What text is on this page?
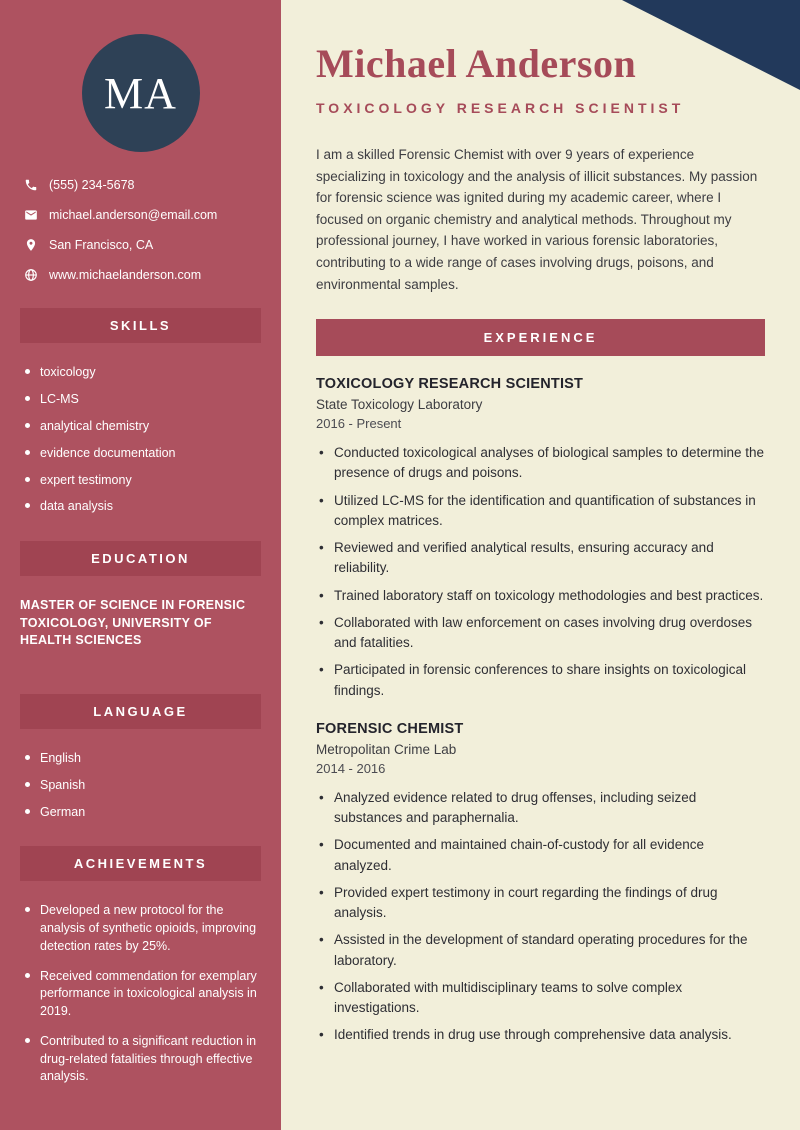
MA
(555) 234-5678
michael.anderson@email.com
San Francisco, CA
www.michaelanderson.com
SKILLS
toxicology
LC-MS
analytical chemistry
evidence documentation
expert testimony
data analysis
EDUCATION
MASTER OF SCIENCE IN FORENSIC TOXICOLOGY, UNIVERSITY OF HEALTH SCIENCES
LANGUAGE
English
Spanish
German
ACHIEVEMENTS
Developed a new protocol for the analysis of synthetic opioids, improving detection rates by 25%.
Received commendation for exemplary performance in toxicological analysis in 2019.
Contributed to a significant reduction in drug-related fatalities through effective analysis.
Michael Anderson
TOXICOLOGY RESEARCH SCIENTIST

I am a skilled Forensic Chemist with over 9 years of experience specializing in toxicology and the analysis of illicit substances. My passion for forensic science was ignited during my academic career, where I focused on organic chemistry and analytical methods. Throughout my professional journey, I have worked in various forensic laboratories, contributing to a wide range of cases involving drugs, poisons, and environmental samples.

EXPERIENCE
TOXICOLOGY RESEARCH SCIENTIST
State Toxicology Laboratory
2016 - Present
• Conducted toxicological analyses of biological samples to determine the presence of drugs and poisons.
• Utilized LC-MS for the identification and quantification of substances in complex matrices.
• Reviewed and verified analytical results, ensuring accuracy and reliability.
• Trained laboratory staff on toxicology methodologies and best practices.
• Collaborated with law enforcement on cases involving drug overdoses and fatalities.
• Participated in forensic conferences to share insights on toxicological findings.
FORENSIC CHEMIST
Metropolitan Crime Lab
2014 - 2016
• Analyzed evidence related to drug offenses, including seized substances and paraphernalia.
• Documented and maintained chain-of-custody for all evidence analyzed.
• Provided expert testimony in court regarding the findings of drug analysis.
• Assisted in the development of standard operating procedures for the laboratory.
• Collaborated with multidisciplinary teams to solve complex investigations.
• Identified trends in drug use through comprehensive data analysis.
